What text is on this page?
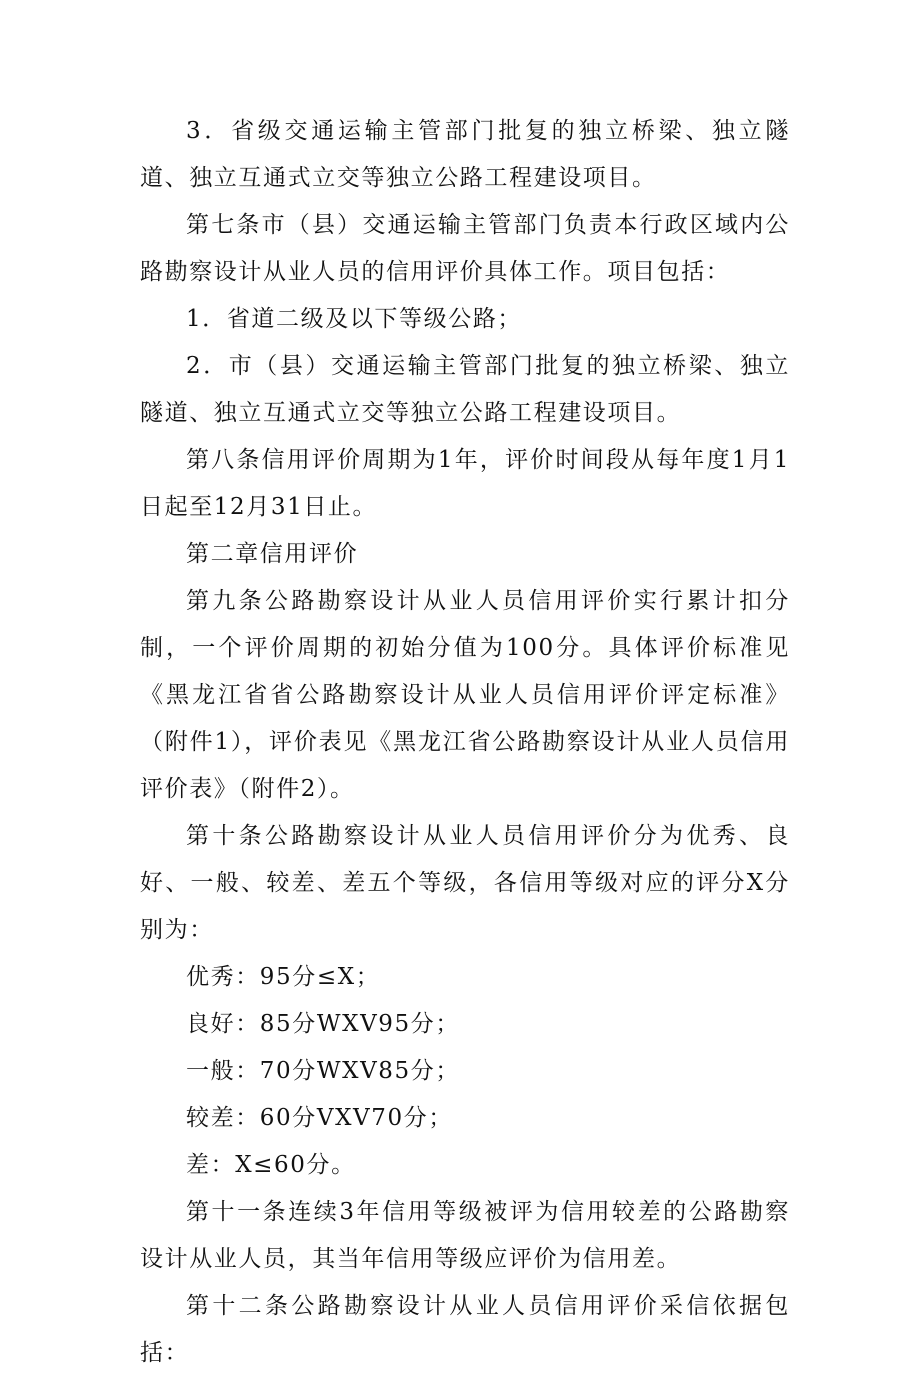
3．省级交通运输主管部门批复的独立桥梁、独立隧道、独立互通式立交等独立公路工程建设项目。

第七条市（县）交通运输主管部门负责本行政区域内公路勘察设计从业人员的信用评价具体工作。项目包括：

1．省道二级及以下等级公路；

2．市（县）交通运输主管部门批复的独立桥梁、独立隧道、独立互通式立交等独立公路工程建设项目。

第八条信用评价周期为1年，评价时间段从每年度1月1日起至12月31日止。

第二章信用评价

第九条公路勘察设计从业人员信用评价实行累计扣分制，一个评价周期的初始分值为100分。具体评价标准见《黑龙江省省公路勘察设计从业人员信用评价评定标准》（附件1），评价表见《黑龙江省公路勘察设计从业人员信用评价表》（附件2）。

第十条公路勘察设计从业人员信用评价分为优秀、良好、一般、较差、差五个等级，各信用等级对应的评分X分别为：

优秀：95分≤X；

良好：85分WXV95分；

一般：70分WXV85分；

较差：60分VXV70分；

差：X≤60分。

第十一条连续3年信用等级被评为信用较差的公路勘察设计从业人员，其当年信用等级应评价为信用差。

第十二条公路勘察设计从业人员信用评价采信依据包括：
